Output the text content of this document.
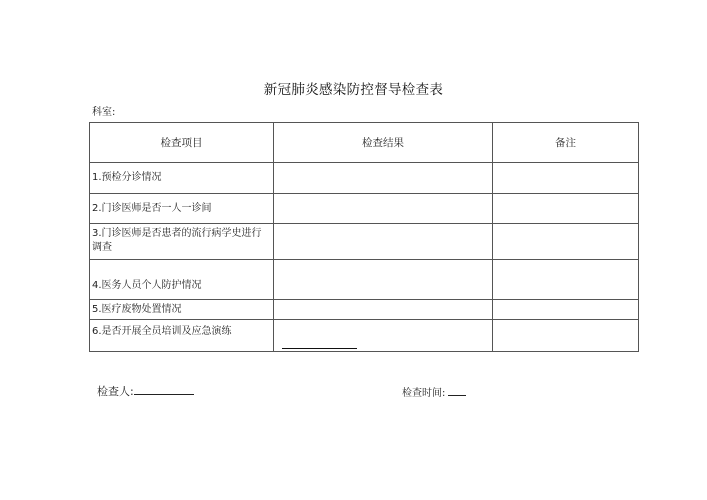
新冠肺炎感染防控督导检查表
科室:
检查项目	检查结果	备注
1.预检分诊情况		
2.门诊医师是否一人一诊间		
3.门诊医师是否患者的流行病学史进行调查		
4.医务人员个人防护情况		
5.医疗废物处置情况		
6.是否开展全员培训及应急演练		
检查人:	检查时间:
